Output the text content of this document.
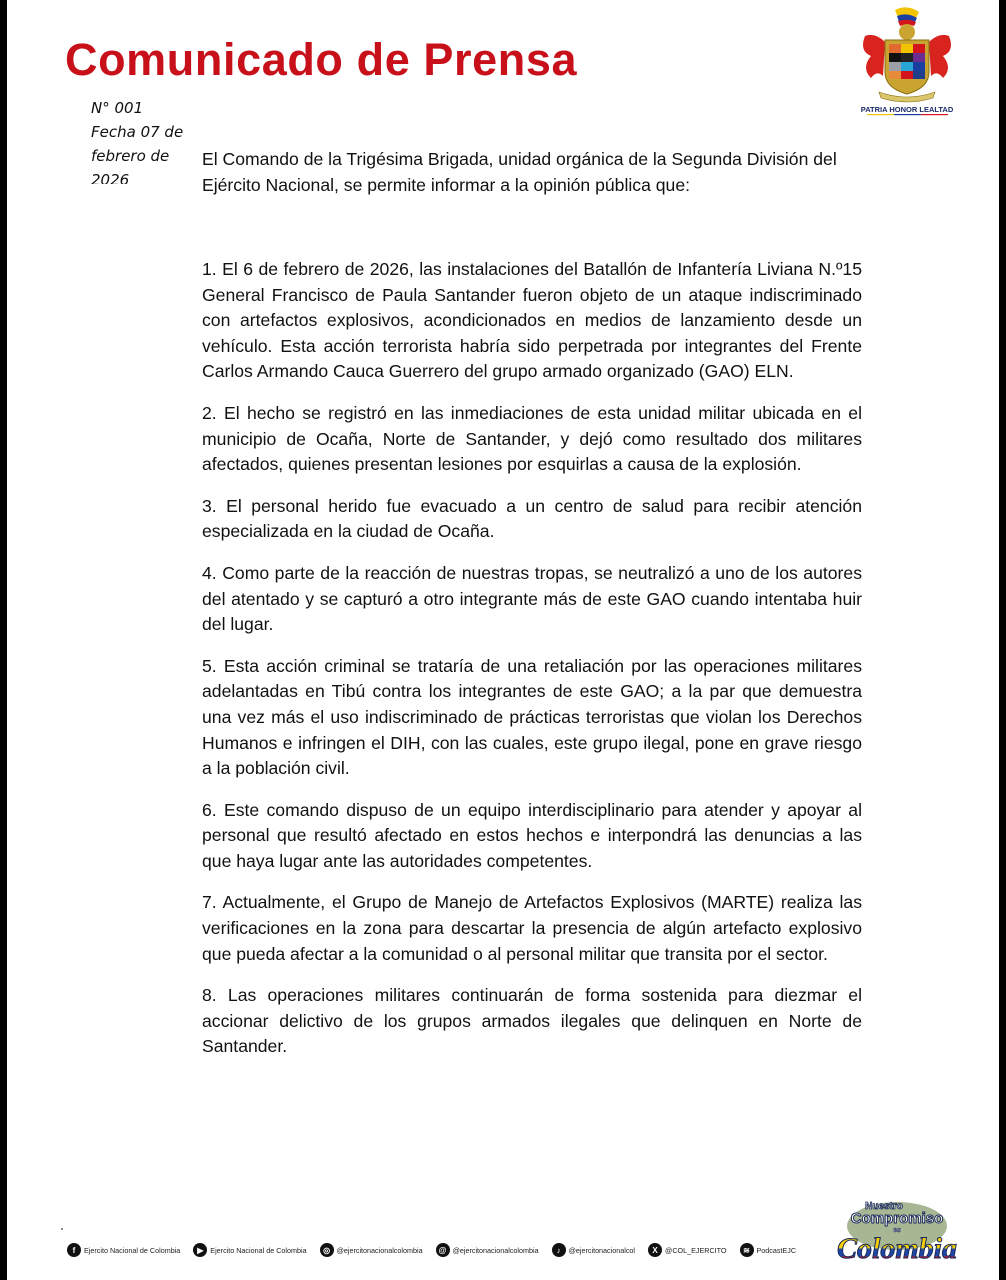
Comunicado de Prensa
PATRIA HONOR LEALTAD
N° 001
Fecha 07 de
febrero de
2026
El Comando de la Trigésima Brigada, unidad orgánica de la Segunda División del Ejército Nacional, se permite informar a la opinión pública que:

1. El 6 de febrero de 2026, las instalaciones del Batallón de Infantería Liviana N.º15 General Francisco de Paula Santander fueron objeto de un ataque indiscriminado con artefactos explosivos, acondicionados en medios de lanzamiento desde un vehículo. Esta acción terrorista habría sido perpetrada por integrantes del Frente Carlos Armando Cauca Guerrero del grupo armado organizado (GAO) ELN.

2. El hecho se registró en las inmediaciones de esta unidad militar ubicada en el municipio de Ocaña, Norte de Santander, y dejó como resultado dos militares afectados, quienes presentan lesiones por esquirlas a causa de la explosión.

3. El personal herido fue evacuado a un centro de salud para recibir atención especializada en la ciudad de Ocaña.

4. Como parte de la reacción de nuestras tropas, se neutralizó a uno de los autores del atentado y se capturó a otro integrante más de este GAO cuando intentaba huir del lugar.

5. Esta acción criminal se trataría de una retaliación por las operaciones militares adelantadas en Tibú contra los integrantes de este GAO; a la par que demuestra una vez más el uso indiscriminado de prácticas terroristas que violan los Derechos Humanos e infringen el DIH, con las cuales, este grupo ilegal, pone en grave riesgo a la población civil.

6. Este comando dispuso de un equipo interdisciplinario para atender y apoyar al personal que resultó afectado en estos hechos e interpondrá las denuncias a las que haya lugar ante las autoridades competentes.

7. Actualmente, el Grupo de Manejo de Artefactos Explosivos (MARTE) realiza las verificaciones en la zona para descartar la presencia de algún artefacto explosivo que pueda afectar a la comunidad o al personal militar que transita por el sector.

8. Las operaciones militares continuarán de forma sostenida para diezmar el accionar delictivo de los grupos armados ilegales que delinquen en Norte de Santander.

f	Ejercito Nacional de Colombia	▶ Ejercito Nacional de Colombia	◎ @ejercitonacionalcolombia	@ @ejercitonacionalcolombia	♪	@ejercitonacionalcol	X	@COL_EJERCITO	≋ PodcastEJC
Nuestro
Compromiso
es
Colombia
